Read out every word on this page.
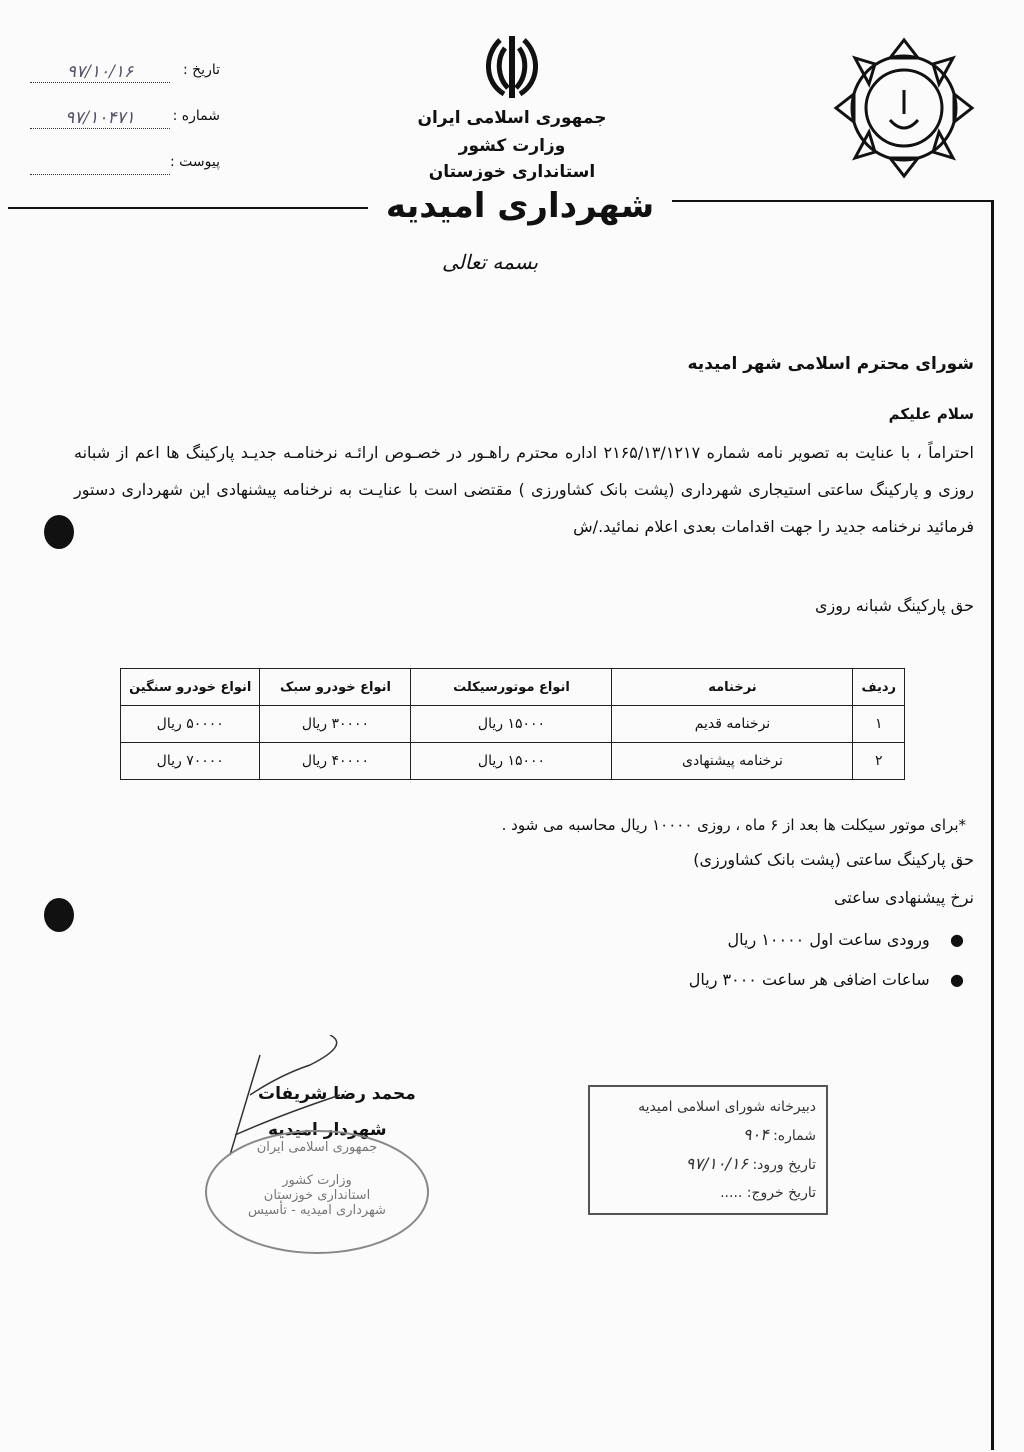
تاریخ :
۹۷/۱۰/۱۶
شماره :
۹۷/۱۰۴۷۱
پیوست :
جمهوری اسلامی ایران
وزارت کشور
استانداری خوزستان
شهرداری امیدیه
بسمه تعالی
شورای محترم اسلامی شهر امیدیه
سلام علیکم
احتراماً ، با عنایت به تصویر نامه شماره ۲۱۶۵/۱۳/۱۲۱۷ اداره محترم راهـور در خصـوص ارائـه نرخنامـه جدیـد پارکینگ ها اعم از شبانه روزی و پارکینگ ساعتی استیجاری شهرداری (پشت بانک کشاورزی ) مقتضی است با عنایـت به نرخنامه پیشنهادی این شهرداری دستور فرمائید نرخنامه جدید را جهت اقدامات بعدی اعلام نمائید./ش
حق پارکینگ شبانه روزی
ردیف	نرخنامه	انواع موتورسیکلت	انواع خودرو سبک	انواع خودرو سنگین
۱	نرخنامه قدیم	۱۵۰۰۰ ریال	۳۰۰۰۰ ریال	۵۰۰۰۰ ریال
۲	نرخنامه پیشنهادی	۱۵۰۰۰ ریال	۴۰۰۰۰ ریال	۷۰۰۰۰ ریال
*برای موتور سیکلت ها بعد از ۶ ماه ، روزی ۱۰۰۰۰ ریال محاسبه می شود .
حق پارکینگ ساعتی (پشت بانک کشاورزی)
نرخ پیشنهادی ساعتی
●    ورودی ساعت اول ۱۰۰۰۰ ریال
●    ساعات اضافی هر ساعت ۳۰۰۰ ریال
محمد رضا شریفات
شهردار امیدیه
جمهوری اسلامی ایران
وزارت کشور
استانداری خوزستان
شهرداری امیدیه - تأسیس
دبیرخانه شورای اسلامی امیدیه
شماره: ۹۰۴
تاریخ ورود: ۹۷/۱۰/۱۶
تاریخ خروج: .....
